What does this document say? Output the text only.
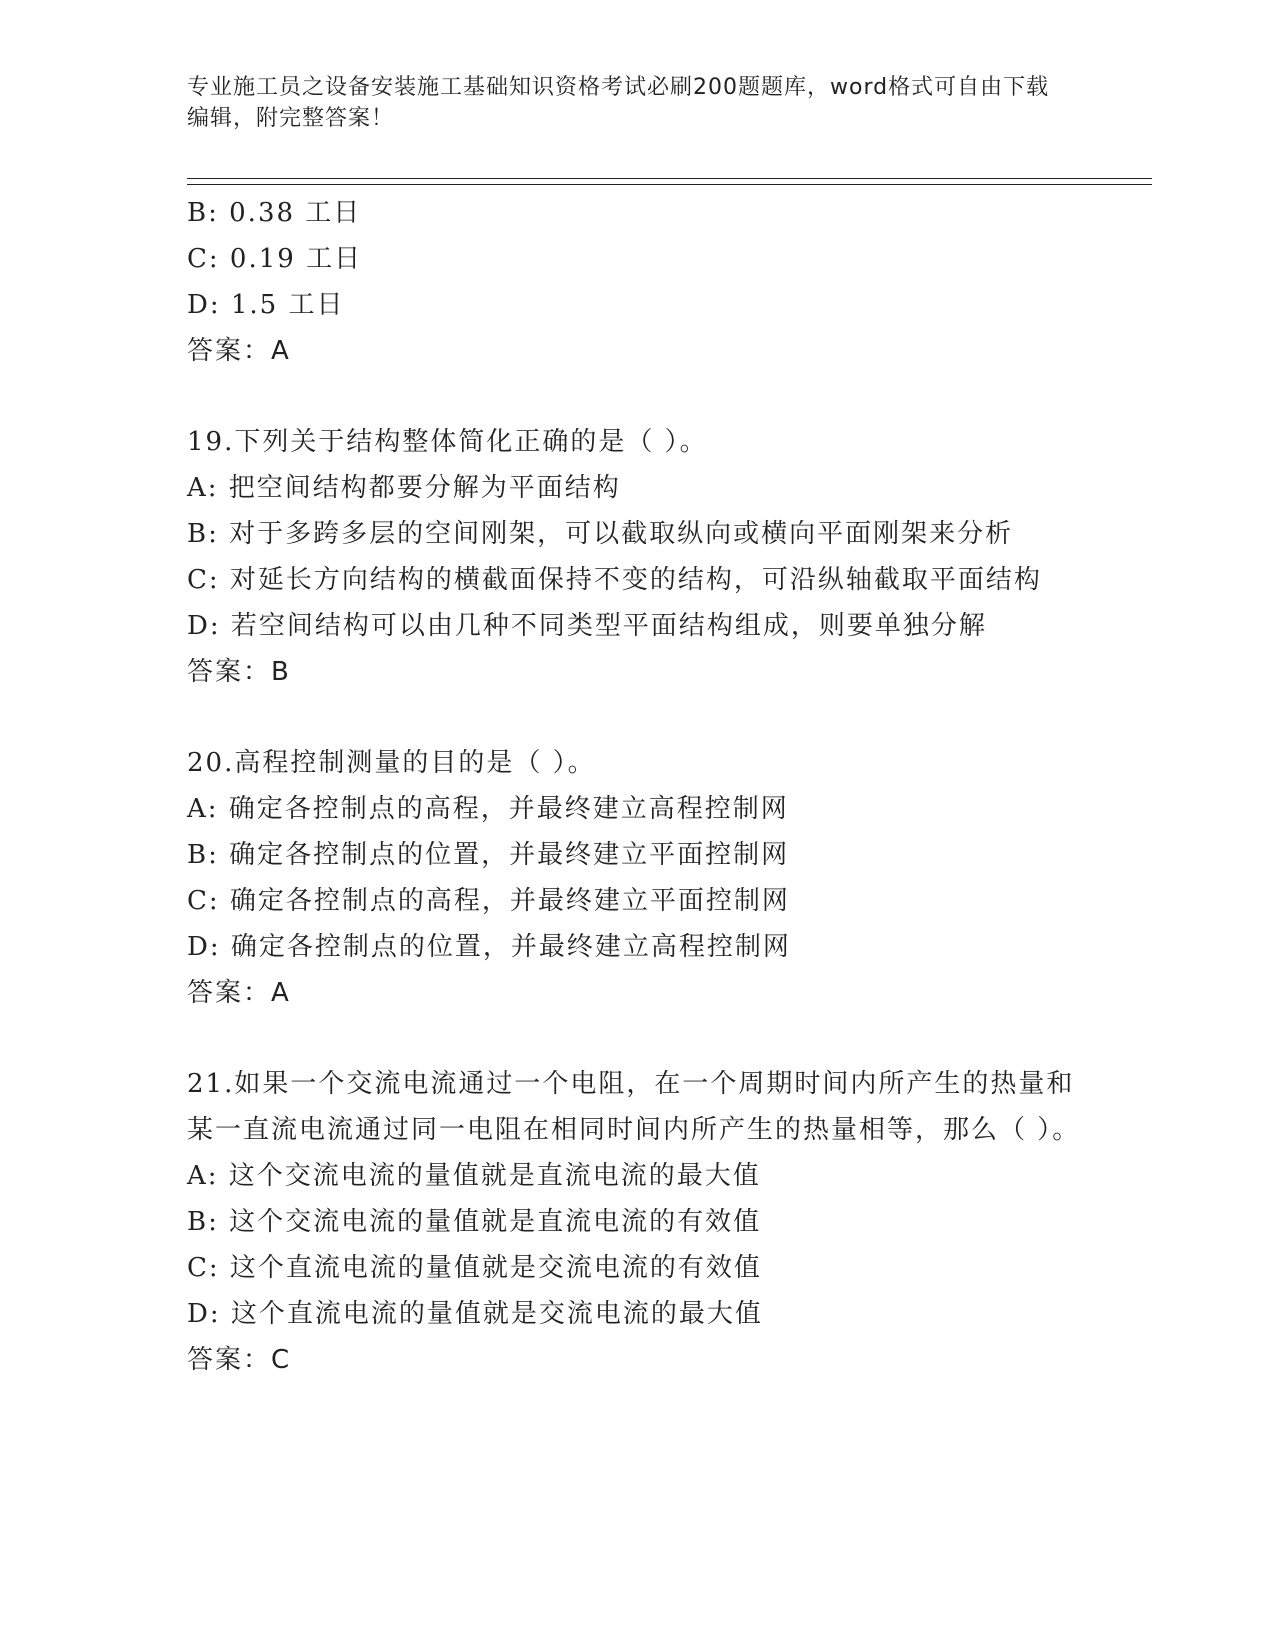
专业施工员之设备安装施工基础知识资格考试必刷200题题库，word格式可自由下载编辑，附完整答案！
B: 0.38 工日
C: 0.19 工日
D: 1.5 工日
答案：A
19.下列关于结构整体简化正确的是（ ）。
A: 把空间结构都要分解为平面结构
B: 对于多跨多层的空间刚架，可以截取纵向或横向平面刚架来分析
C: 对延长方向结构的横截面保持不变的结构，可沿纵轴截取平面结构
D: 若空间结构可以由几种不同类型平面结构组成，则要单独分解
答案：B
20.高程控制测量的目的是（ ）。
A: 确定各控制点的高程，并最终建立高程控制网
B: 确定各控制点的位置，并最终建立平面控制网
C: 确定各控制点的高程，并最终建立平面控制网
D: 确定各控制点的位置，并最终建立高程控制网
答案：A
21.如果一个交流电流通过一个电阻，在一个周期时间内所产生的热量和某一直流电流通过同一电阻在相同时间内所产生的热量相等，那么（ ）。
A: 这个交流电流的量值就是直流电流的最大值
B: 这个交流电流的量值就是直流电流的有效值
C: 这个直流电流的量值就是交流电流的有效值
D: 这个直流电流的量值就是交流电流的最大值
答案：C
